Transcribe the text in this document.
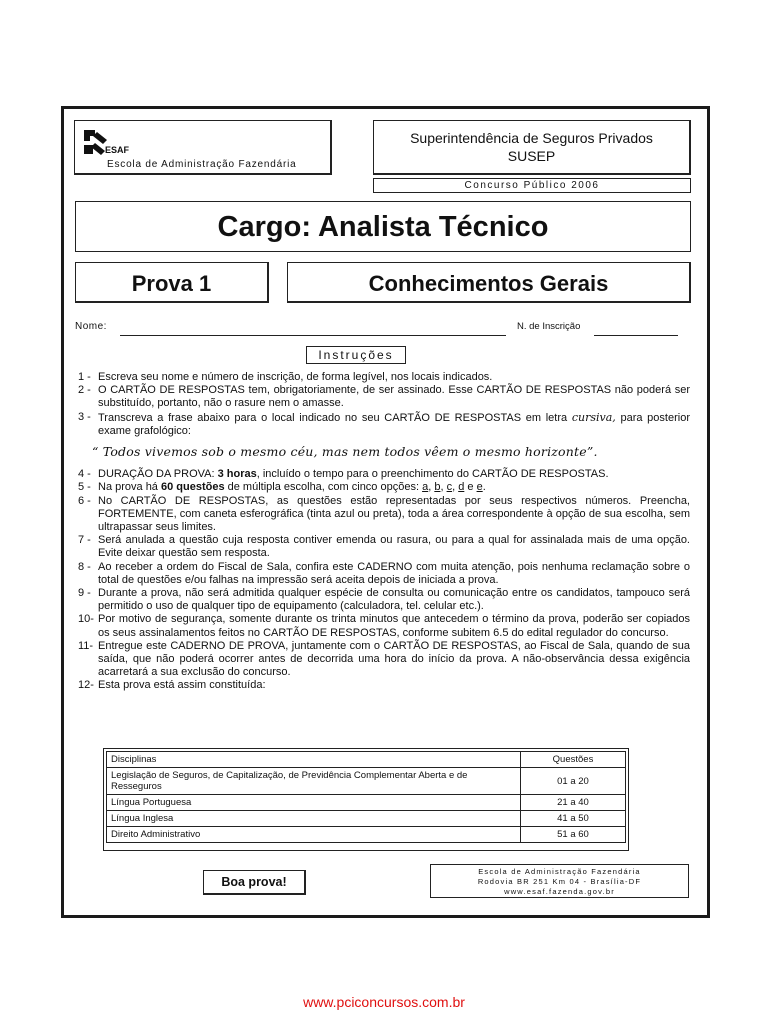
ESAF
Escola de Administração Fazendária
Superintendência de Seguros Privados
SUSEP
Concurso Público 2006
Cargo: Analista Técnico
Prova 1	Conhecimentos Gerais
Nome:	N. de Inscrição
Instruções
1 - Escreva seu nome e número de inscrição, de forma legível, nos locais indicados.
2 - O CARTÃO DE RESPOSTAS tem, obrigatoriamente, de ser assinado. Esse CARTÃO DE RESPOSTAS não poderá ser substituído, portanto, não o rasure nem o amasse.
3 - Transcreva a frase abaixo para o local indicado no seu CARTÃO DE RESPOSTAS em letra cursiva, para posterior exame grafológico:
“ Todos vivemos sob o mesmo céu, mas nem todos vêem o mesmo horizonte”.
4 - DURAÇÃO DA PROVA: 3 horas, incluído o tempo para o preenchimento do CARTÃO DE RESPOSTAS.
5 - Na prova há 60 questões de múltipla escolha, com cinco opções: a, b, c, d e e.
6 - No CARTÃO DE RESPOSTAS, as questões estão representadas por seus respectivos números. Preencha, FORTEMENTE, com caneta esferográfica (tinta azul ou preta), toda a área correspondente à opção de sua escolha, sem ultrapassar seus limites.
7 - Será anulada a questão cuja resposta contiver emenda ou rasura, ou para a qual for assinalada mais de uma opção. Evite deixar questão sem resposta.
8 - Ao receber a ordem do Fiscal de Sala, confira este CADERNO com muita atenção, pois nenhuma reclamação sobre o total de questões e/ou falhas na impressão será aceita depois de iniciada a prova.
9 - Durante a prova, não será admitida qualquer espécie de consulta ou comunicação entre os candidatos, tampouco será permitido o uso de qualquer tipo de equipamento (calculadora, tel. celular etc.).
10- Por motivo de segurança, somente durante os trinta minutos que antecedem o término da prova, poderão ser copiados os seus assinalamentos feitos no CARTÃO DE RESPOSTAS, conforme subitem 6.5 do edital regulador do concurso.
11- Entregue este CADERNO DE PROVA, juntamente com o CARTÃO DE RESPOSTAS, ao Fiscal de Sala, quando de sua saída, que não poderá ocorrer antes de decorrida uma hora do início da prova. A não-observância dessa exigência acarretará a sua exclusão do concurso.
12- Esta prova está assim constituída:
Disciplinas	Questões
Legislação de Seguros, de Capitalização, de Previdência Complementar Aberta e de Resseguros	01 a 20
Língua Portuguesa	21 a 40
Língua Inglesa	41 a 50
Direito Administrativo	51 a 60
Boa prova!
Escola de Administração Fazendária
Rodovia BR 251 Km 04 - Brasília-DF
www.esaf.fazenda.gov.br
www.pciconcursos.com.br
